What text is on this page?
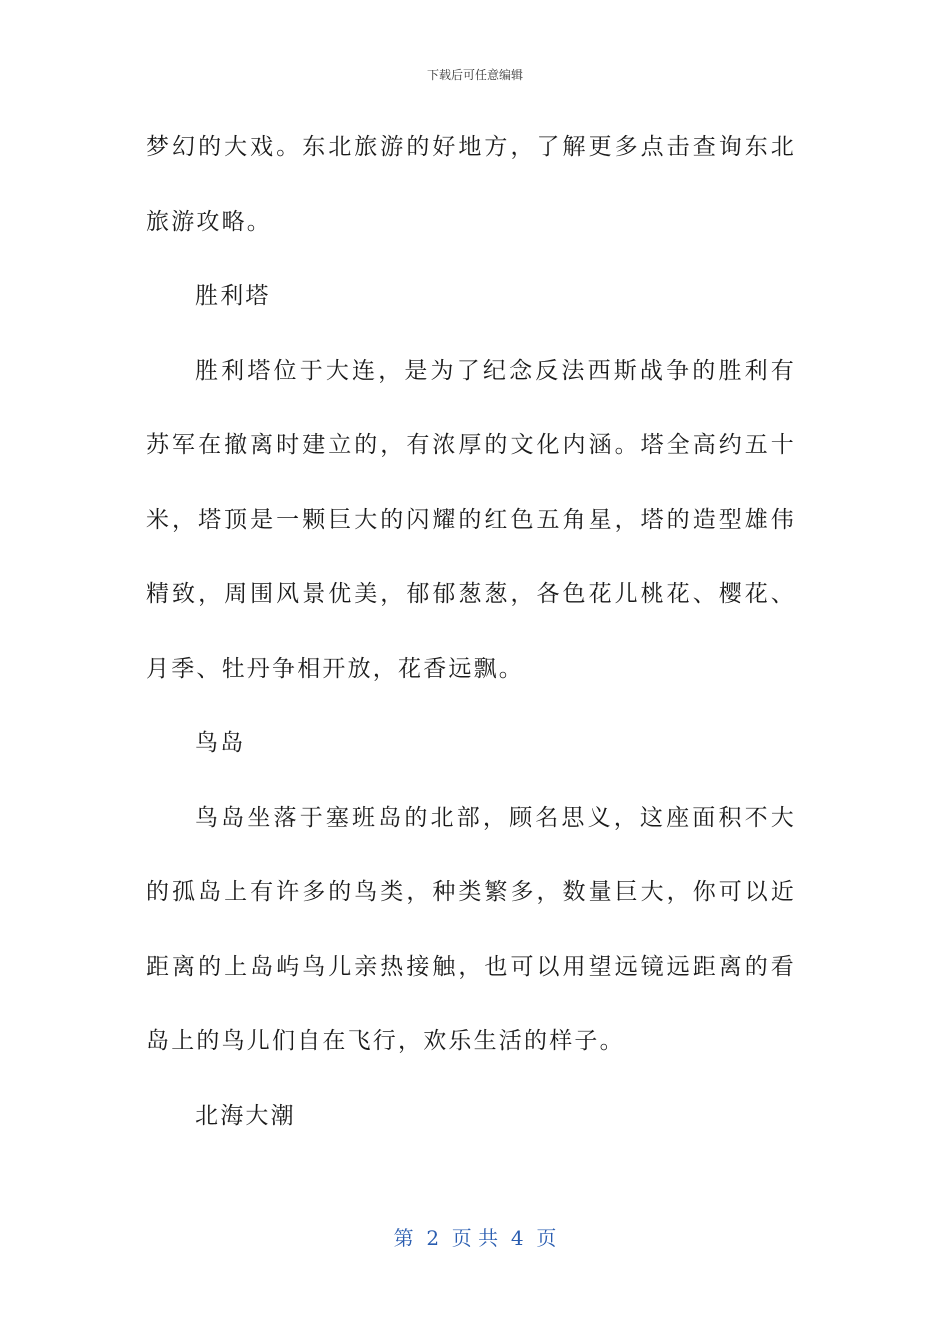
下载后可任意编辑

梦幻的大戏。东北旅游的好地方，了解更多点击查询东北旅游攻略。

胜利塔

胜利塔位于大连，是为了纪念反法西斯战争的胜利有苏军在撤离时建立的，有浓厚的文化内涵。塔全高约五十米，塔顶是一颗巨大的闪耀的红色五角星，塔的造型雄伟精致，周围风景优美，郁郁葱葱，各色花儿桃花、樱花、月季、牡丹争相开放，花香远飘。

鸟岛

鸟岛坐落于塞班岛的北部，顾名思义，这座面积不大的孤岛上有许多的鸟类，种类繁多，数量巨大，你可以近距离的上岛屿鸟儿亲热接触，也可以用望远镜远距离的看岛上的鸟儿们自在飞行，欢乐生活的样子。

北海大潮

第  2  页 共  4  页
